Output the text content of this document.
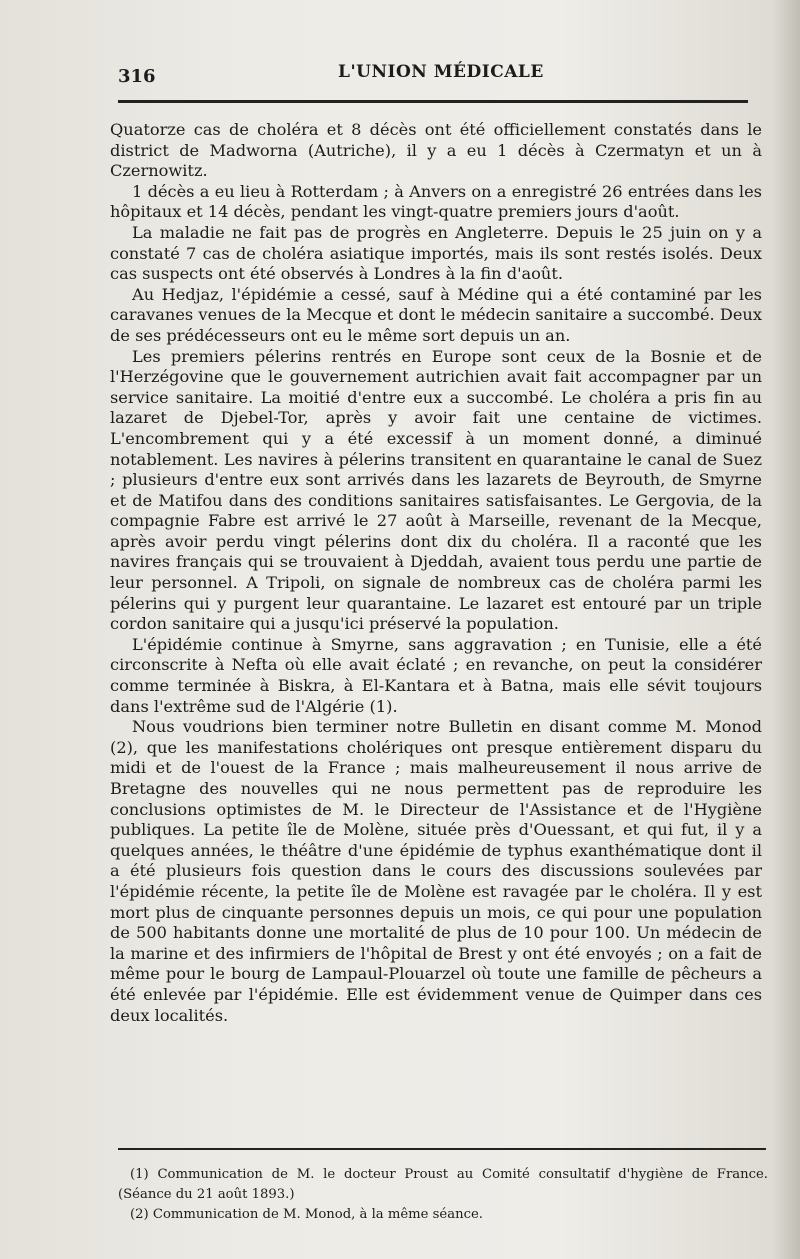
316	L'UNION MÉDICALE

Quatorze cas de choléra et 8 décès ont été officiellement constatés dans le district de Madworna (Autriche), il y a eu 1 décès à Czermatyn et un à Czernowitz.

1 décès a eu lieu à Rotterdam ; à Anvers on a enregistré 26 entrées dans les hôpitaux et 14 décès, pendant les vingt-quatre premiers jours d'août.

La maladie ne fait pas de progrès en Angleterre. Depuis le 25 juin on y a constaté 7 cas de choléra asiatique importés, mais ils sont restés isolés. Deux cas suspects ont été observés à Londres à la fin d'août.

Au Hedjaz, l'épidémie a cessé, sauf à Médine qui a été contaminé par les caravanes venues de la Mecque et dont le médecin sanitaire a succombé. Deux de ses prédécesseurs ont eu le même sort depuis un an.

Les premiers pélerins rentrés en Europe sont ceux de la Bosnie et de l'Herzégovine que le gouvernement autrichien avait fait accompagner par un service sanitaire. La moitié d'entre eux a succombé. Le choléra a pris fin au lazaret de Djebel-Tor, après y avoir fait une centaine de victimes. L'encombrement qui y a été excessif à un moment donné, a diminué notablement. Les navires à pélerins transitent en quarantaine le canal de Suez ; plusieurs d'entre eux sont arrivés dans les lazarets de Beyrouth, de Smyrne et de Matifou dans des conditions sanitaires satisfaisantes. Le Gergovia, de la compagnie Fabre est arrivé le 27 août à Marseille, revenant de la Mecque, après avoir perdu vingt pélerins dont dix du choléra. Il a raconté que les navires français qui se trouvaient à Djeddah, avaient tous perdu une partie de leur personnel. A Tripoli, on signale de nombreux cas de choléra parmi les pélerins qui y purgent leur quarantaine. Le lazaret est entouré par un triple cordon sanitaire qui a jusqu'ici préservé la population.

L'épidémie continue à Smyrne, sans aggravation ; en Tunisie, elle a été circonscrite à Nefta où elle avait éclaté ; en revanche, on peut la considérer comme terminée à Biskra, à El-Kantara et à Batna, mais elle sévit toujours dans l'extrême sud de l'Algérie (1).

Nous voudrions bien terminer notre Bulletin en disant comme M. Monod (2), que les manifestations cholériques ont presque entièrement disparu du midi et de l'ouest de la France ; mais malheureusement il nous arrive de Bretagne des nouvelles qui ne nous permettent pas de reproduire les conclusions optimistes de M. le Directeur de l'Assistance et de l'Hygiène publiques. La petite île de Molène, située près d'Ouessant, et qui fut, il y a quelques années, le théâtre d'une épidémie de typhus exanthématique dont il a été plusieurs fois question dans le cours des discussions soulevées par l'épidémie récente, la petite île de Molène est ravagée par le choléra. Il y est mort plus de cinquante personnes depuis un mois, ce qui pour une population de 500 habitants donne une mortalité de plus de 10 pour 100. Un médecin de la marine et des infirmiers de l'hôpital de Brest y ont été envoyés ; on a fait de même pour le bourg de Lampaul-Plouarzel où toute une famille de pêcheurs a été enlevée par l'épidémie. Elle est évidemment venue de Quimper dans ces deux localités.

(1) Communication de M. le docteur Proust au Comité consultatif d'hygiène de France. (Séance du 21 août 1893.)

(2) Communication de M. Monod, à la même séance.
